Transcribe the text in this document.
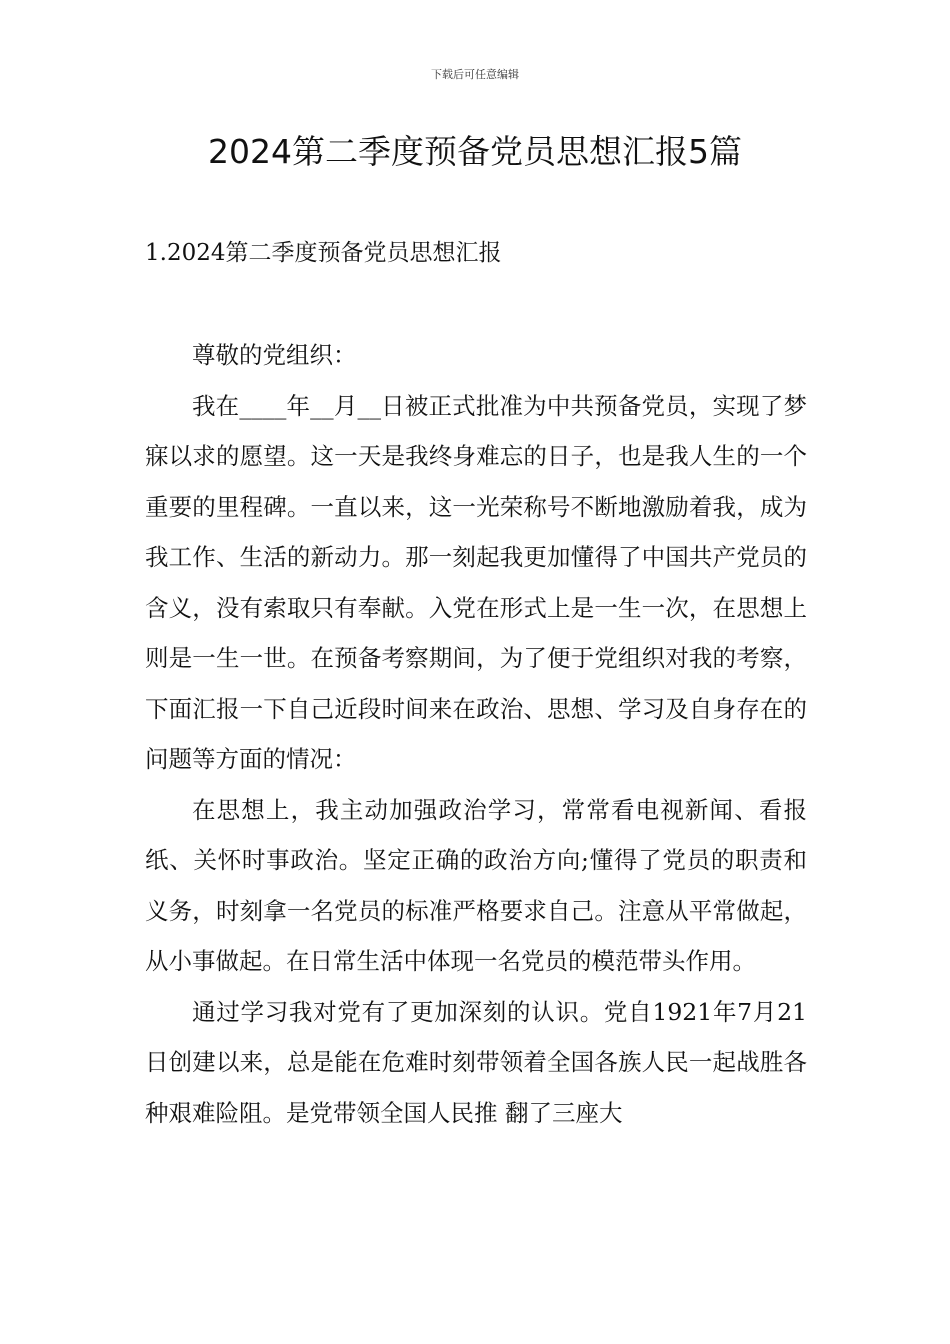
下载后可任意编辑
2024第二季度预备党员思想汇报5篇
1.2024第二季度预备党员思想汇报

尊敬的党组织：

我在____年__月__日被正式批准为中共预备党员，实现了梦寐以求的愿望。这一天是我终身难忘的日子，也是我人生的一个重要的里程碑。一直以来，这一光荣称号不断地激励着我，成为我工作、生活的新动力。那一刻起我更加懂得了中国共产党员的含义，没有索取只有奉献。入党在形式上是一生一次，在思想上则是一生一世。在预备考察期间，为了便于党组织对我的考察，下面汇报一下自己近段时间来在政治、思想、学习及自身存在的问题等方面的情况：

在思想上，我主动加强政治学习，常常看电视新闻、看报纸、关怀时事政治。坚定正确的政治方向;懂得了党员的职责和义务，时刻拿一名党员的标准严格要求自己。注意从平常做起，从小事做起。在日常生活中体现一名党员的模范带头作用。

通过学习我对党有了更加深刻的认识。党自1921年7月21日创建以来，总是能在危难时刻带领着全国各族人民一起战胜各种艰难险阻。是党带领全国人民推 翻了三座大
